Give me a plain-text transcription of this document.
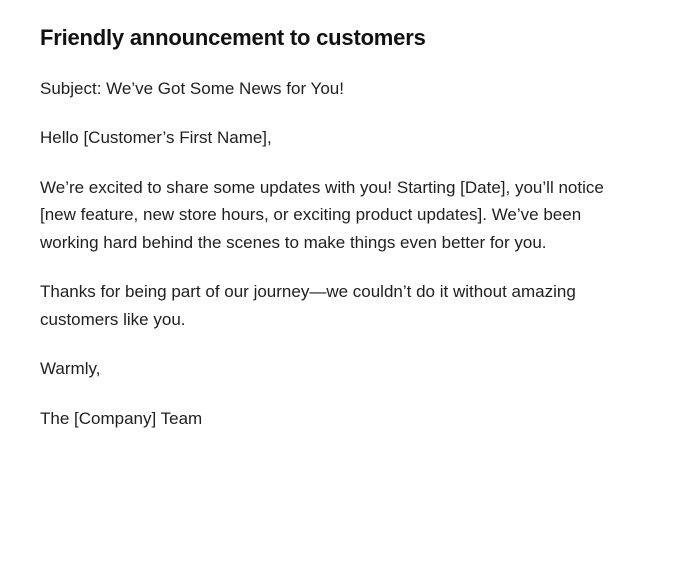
Friendly announcement to customers

Subject: We’ve Got Some News for You!

Hello [Customer’s First Name],

We’re excited to share some updates with you! Starting [Date], you’ll notice [new feature, new store hours, or exciting product updates]. We’ve been working hard behind the scenes to make things even better for you.

Thanks for being part of our journey—we couldn’t do it without amazing customers like you.

Warmly,

The [Company] Team
